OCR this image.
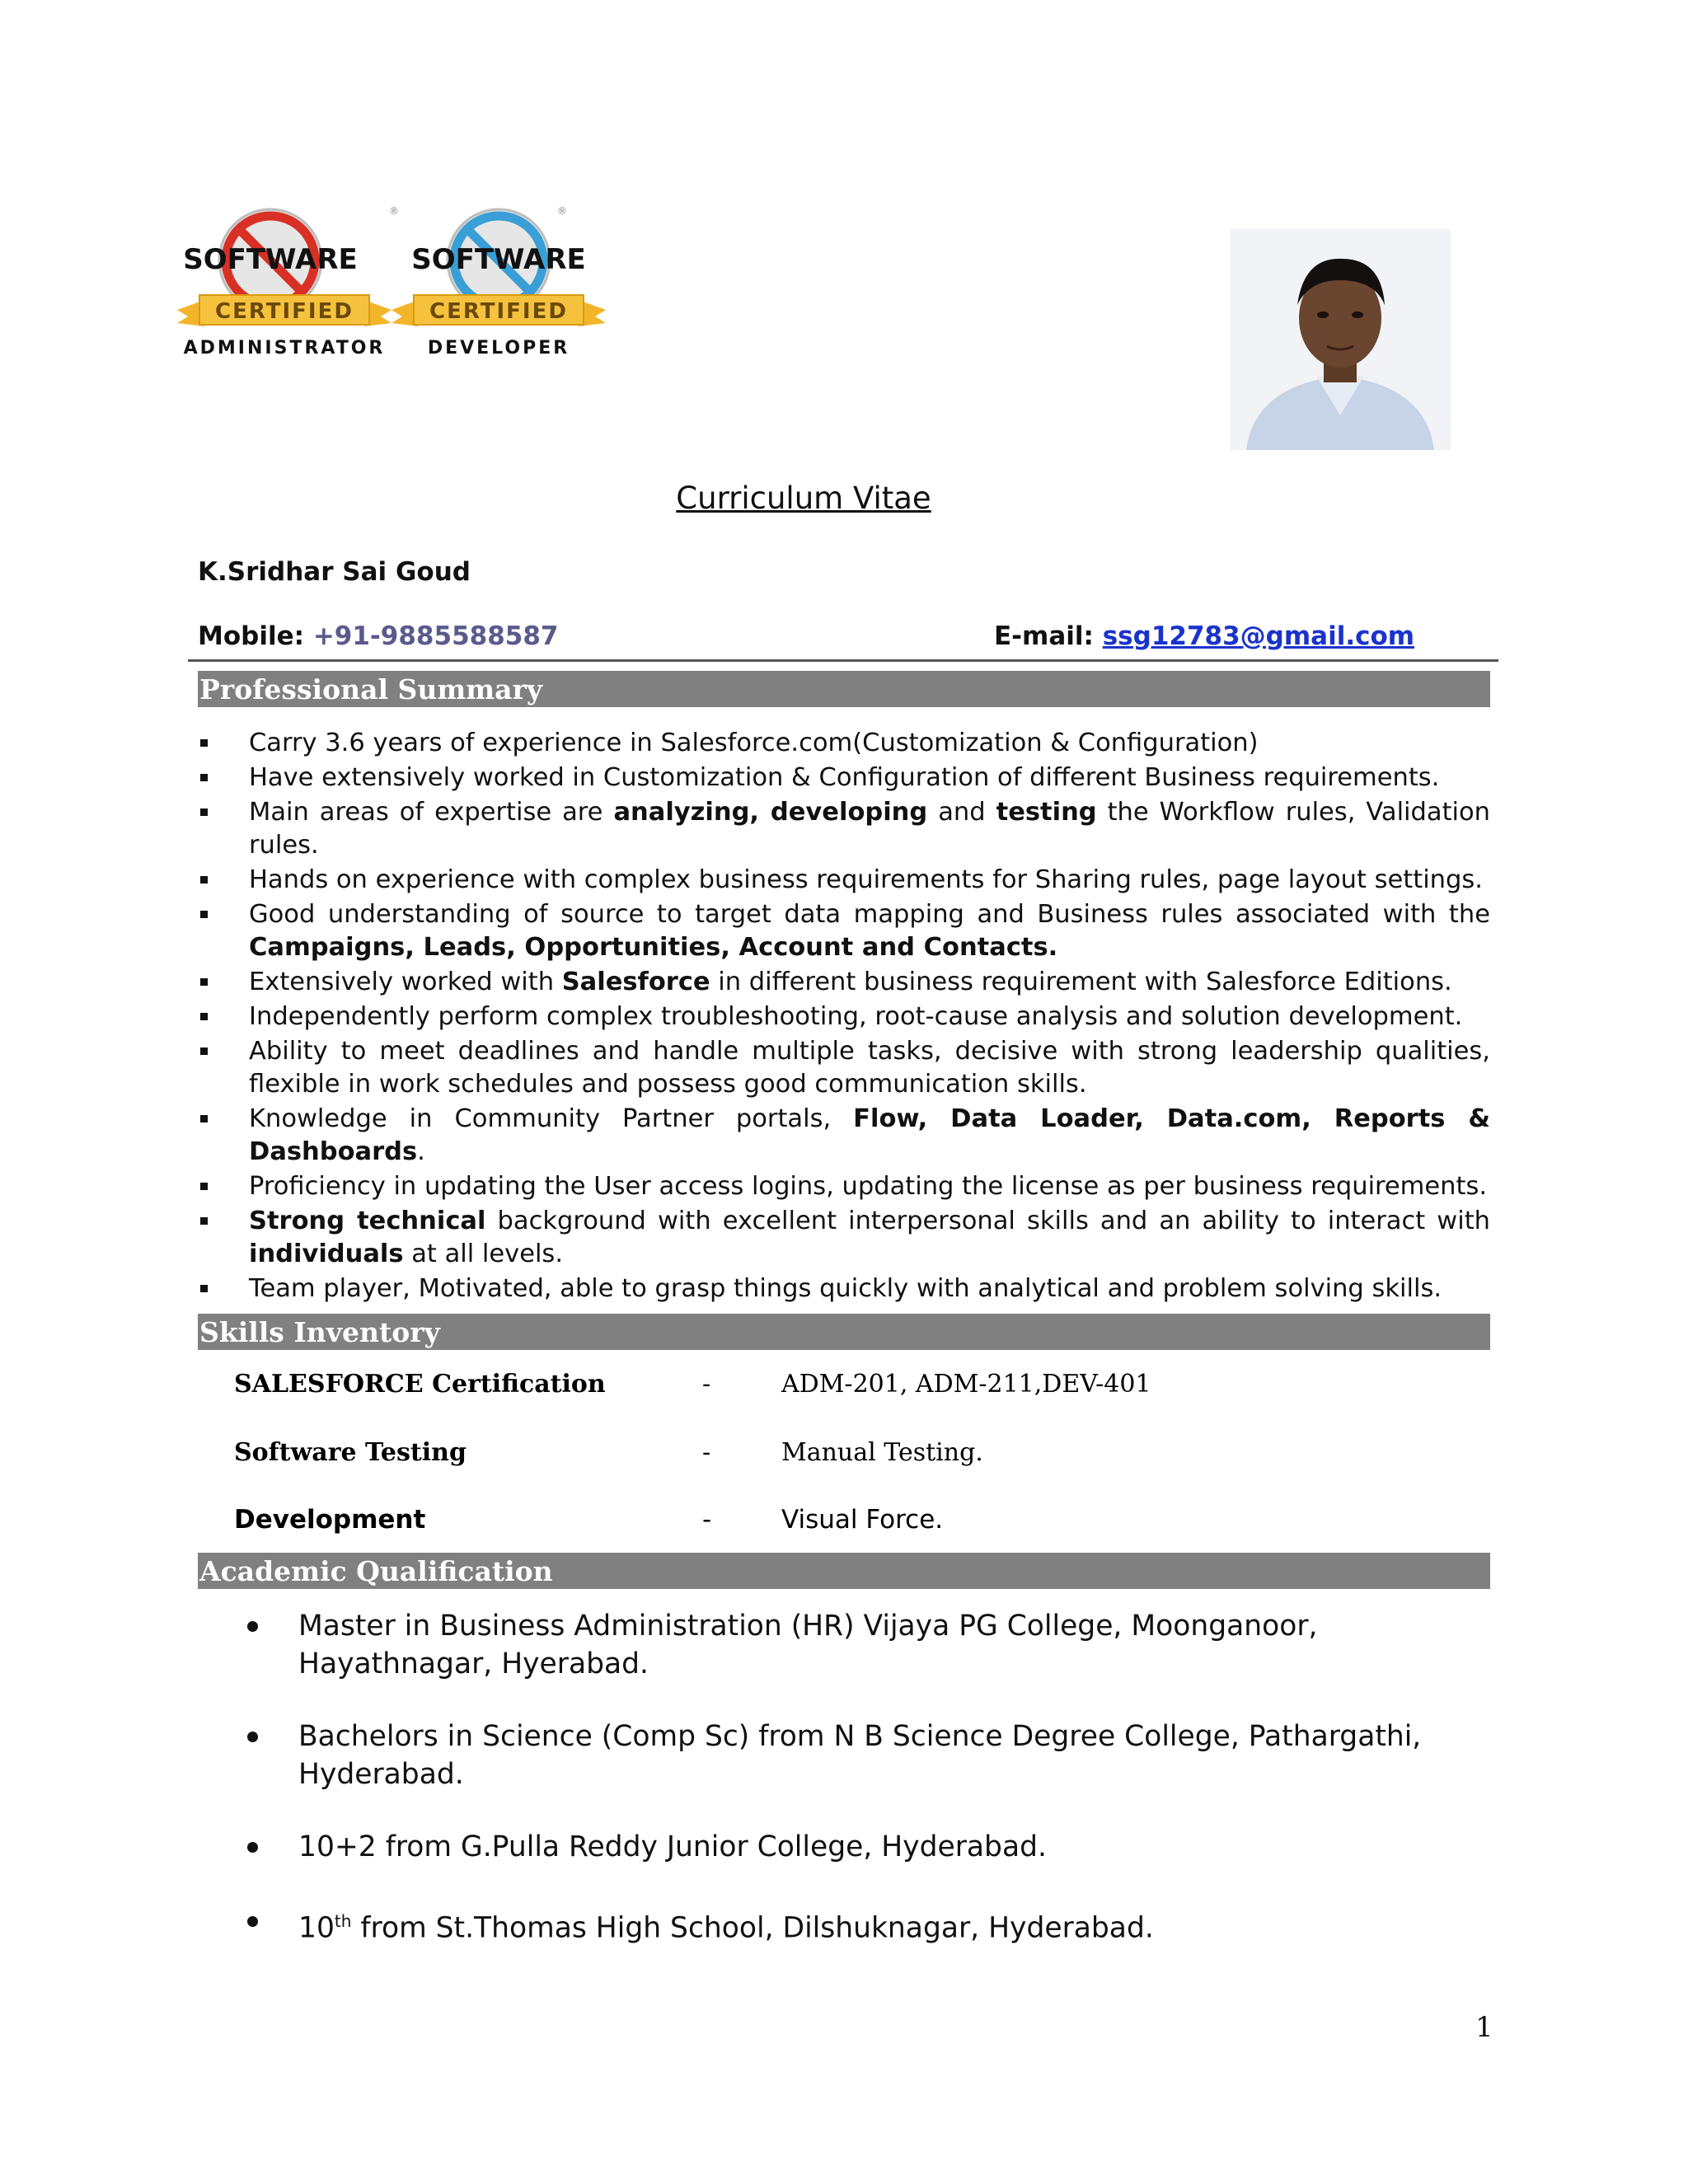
SOFTWARE
CERTIFIED
®
ADMINISTRATOR
SOFTWARE
CERTIFIED
®
DEVELOPER
Curriculum Vitae
K.Sridhar Sai Goud
Mobile: +91-9885588587	E-mail: ssg12783@gmail.com
Professional Summary
Carry 3.6 years of experience in Salesforce.com(Customization & Configuration)
Have extensively worked in Customization & Configuration of different Business requirements.
Main areas of expertise are analyzing, developing and testing the Workflow rules, Validation rules.
Hands on experience with complex business requirements for Sharing rules, page layout settings.
Good understanding of source to target data mapping and Business rules associated with the Campaigns, Leads, Opportunities, Account and Contacts.
Extensively worked with Salesforce in different business requirement with Salesforce Editions.
Independently perform complex troubleshooting, root-cause analysis and solution development.
Ability to meet deadlines and handle multiple tasks, decisive with strong leadership qualities, flexible in work schedules and possess good communication skills.
Knowledge in Community Partner portals, Flow, Data Loader, Data.com, Reports & Dashboards.
Proficiency in updating the User access logins, updating the license as per business requirements.
Strong technical background with excellent interpersonal skills and an ability to interact with individuals at all levels.
Team player, Motivated, able to grasp things quickly with analytical and problem solving skills.
Skills Inventory
SALESFORCE Certification	-	ADM-201, ADM-211,DEV-401
Software Testing	-	Manual Testing.
Development	-	Visual Force.
Academic Qualification
Master in Business Administration (HR) Vijaya PG College, Moonganoor, Hayathnagar, Hyerabad.
Bachelors in Science (Comp Sc) from N B Science Degree College, Pathargathi, Hyderabad.
10+2 from G.Pulla Reddy Junior College, Hyderabad.
10th from St.Thomas High School, Dilshuknagar, Hyderabad.
1
